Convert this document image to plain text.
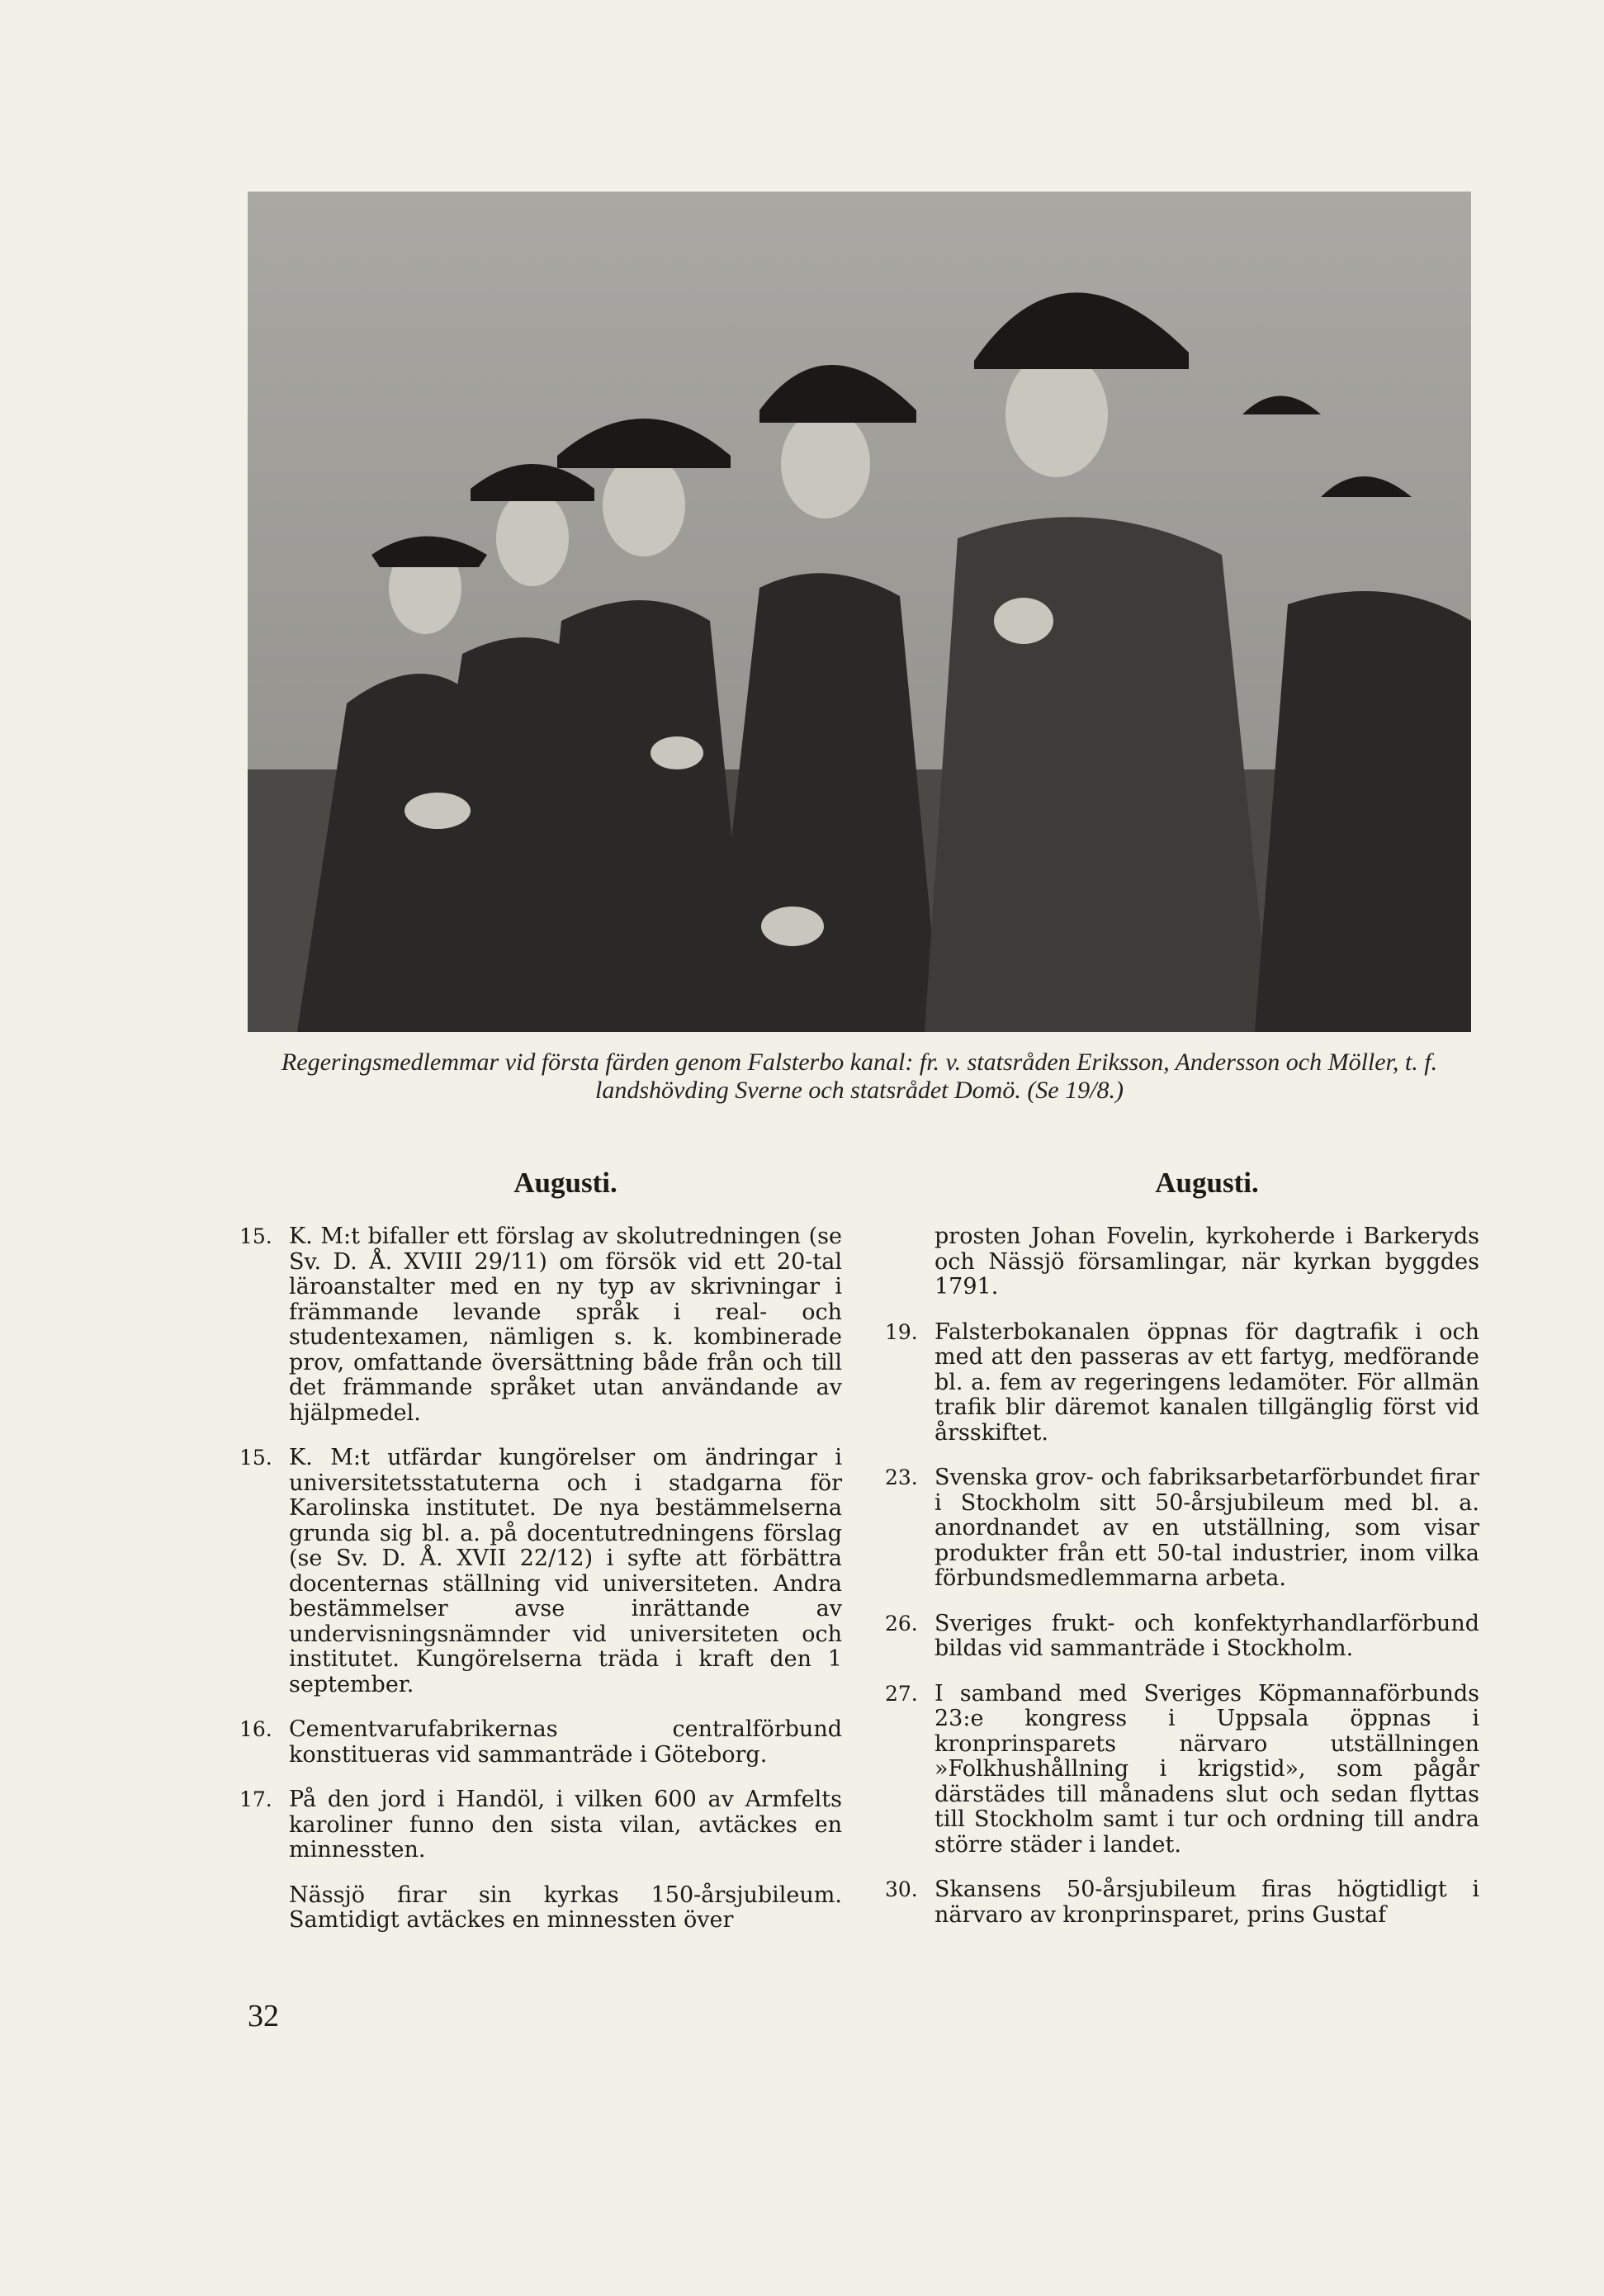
Regeringsmedlemmar vid första färden genom Falsterbo kanal: fr. v. statsråden Eriksson, Andersson och Möller, t. f. landshövding Sverne och statsrådet Domö. (Se 19/8.)
Augusti.
15. K. M:t bifaller ett förslag av skolutredningen (se Sv. D. Å. XVIII 29/11) om försök vid ett 20-tal läroanstalter med en ny typ av skrivningar i främmande levande språk i real- och studentexamen, nämligen s. k. kombinerade prov, omfattande översättning både från och till det främmande språket utan användande av hjälpmedel.
15. K. M:t utfärdar kungörelser om ändringar i universitetsstatuterna och i stadgarna för Karolinska institutet. De nya bestämmelserna grunda sig bl. a. på docentutredningens förslag (se Sv. D. Å. XVII 22/12) i syfte att förbättra docenternas ställning vid universiteten. Andra bestämmelser avse inrättande av undervisningsnämnder vid universiteten och institutet. Kungörelserna träda i kraft den 1 september.
16. Cementvarufabrikernas centralförbund konstitueras vid sammanträde i Göteborg.
17. På den jord i Handöl, i vilken 600 av Armfelts karoliner funno den sista vilan, avtäckes en minnessten.
Nässjö firar sin kyrkas 150-årsjubileum. Samtidigt avtäckes en minnessten över
Augusti.
prosten Johan Fovelin, kyrkoherde i Barkeryds och Nässjö församlingar, när kyrkan byggdes 1791.
19. Falsterbokanalen öppnas för dagtrafik i och med att den passeras av ett fartyg, medförande bl. a. fem av regeringens ledamöter. För allmän trafik blir däremot kanalen tillgänglig först vid årsskiftet.
23. Svenska grov- och fabriksarbetarförbundet firar i Stockholm sitt 50-årsjubileum med bl. a. anordnandet av en utställning, som visar produkter från ett 50-tal industrier, inom vilka förbundsmedlemmarna arbeta.
26. Sveriges frukt- och konfektyrhandlarförbund bildas vid sammanträde i Stockholm.
27. I samband med Sveriges Köpmannaförbunds 23:e kongress i Uppsala öppnas i kronprinsparets närvaro utställningen »Folkhushållning i krigstid», som pågår därstädes till månadens slut och sedan flyttas till Stockholm samt i tur och ordning till andra större städer i landet.
30. Skansens 50-årsjubileum firas högtidligt i närvaro av kronprinsparet, prins Gustaf
32
